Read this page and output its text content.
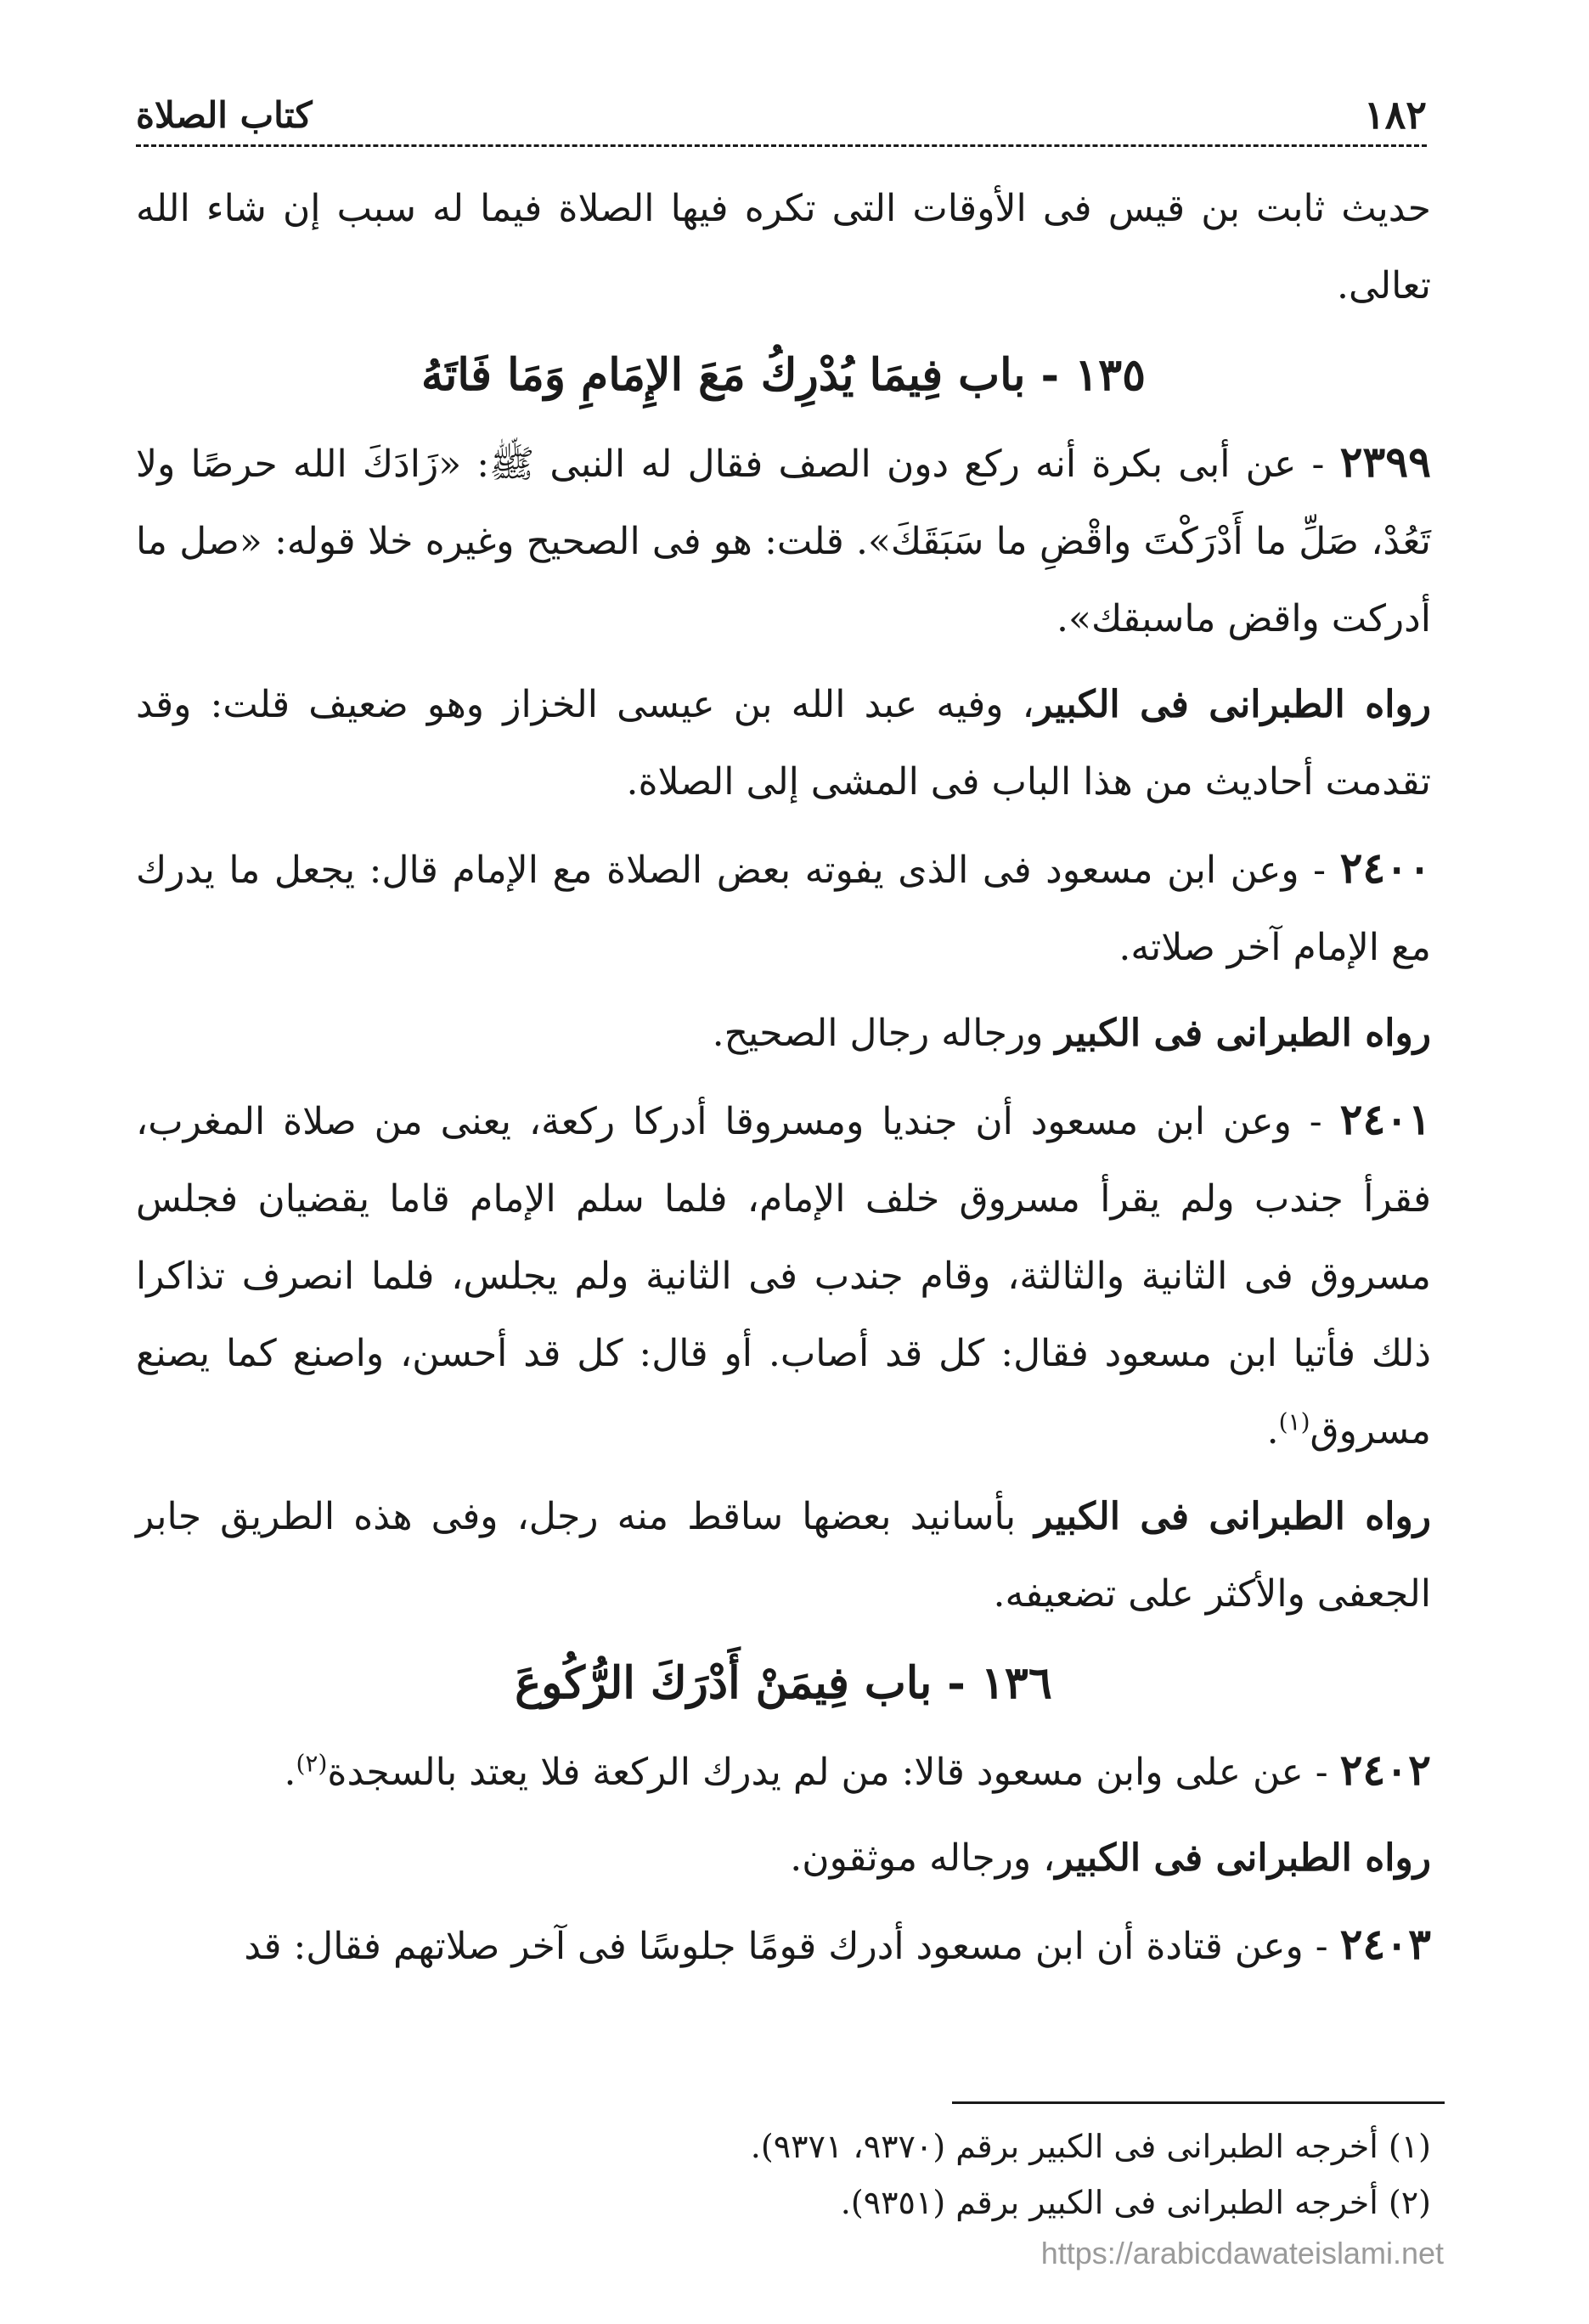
١٨٢
كتاب الصلاة

حديث ثابت بن قيس فى الأوقات التى تكره فيها الصلاة فيما له سبب إن شاء الله تعالى.

١٣٥ - باب فِيمَا يُدْرِكُ مَعَ الإِمَامِ وَمَا فَاتَهُ

٢٣٩٩ - عن أبى بكرة أنه ركع دون الصف فقال له النبى ﷺ: «زَادَكَ الله حرصًا ولا تَعُدْ، صَلِّ ما أَدْرَكْتَ واقْضِ ما سَبَقَكَ». قلت: هو فى الصحيح وغيره خلا قوله: «صل ما أدركت واقض ماسبقك».

رواه الطبرانى فى الكبير، وفيه عبد الله بن عيسى الخزاز وهو ضعيف قلت: وقد تقدمت أحاديث من هذا الباب فى المشى إلى الصلاة.

٢٤٠٠ - وعن ابن مسعود فى الذى يفوته بعض الصلاة مع الإمام قال: يجعل ما يدرك مع الإمام آخر صلاته.

رواه الطبرانى فى الكبير ورجاله رجال الصحيح.

٢٤٠١ - وعن ابن مسعود أن جنديا ومسروقا أدركا ركعة، يعنى من صلاة المغرب، فقرأ جندب ولم يقرأ مسروق خلف الإمام، فلما سلم الإمام قاما يقضيان فجلس مسروق فى الثانية والثالثة، وقام جندب فى الثانية ولم يجلس، فلما انصرف تذاكرا ذلك فأتيا ابن مسعود فقال: كل قد أصاب. أو قال: كل قد أحسن، واصنع كما يصنع مسروق$^{(١)}$.

رواه الطبرانى فى الكبير بأسانيد بعضها ساقط منه رجل، وفى هذه الطريق جابر الجعفى والأكثر على تضعيفه.

١٣٦ - باب فِيمَنْ أَدْرَكَ الرُّكُوعَ

٢٤٠٢ - عن على وابن مسعود قالا: من لم يدرك الركعة فلا يعتد بالسجدة$^{(٢)}$.

رواه الطبرانى فى الكبير، ورجاله موثقون.

٢٤٠٣ - وعن قتادة أن ابن مسعود أدرك قومًا جلوسًا فى آخر صلاتهم فقال: قد

(١) أخرجه الطبرانى فى الكبير برقم (٩٣٧٠، ٩٣٧١).

(٢) أخرجه الطبرانى فى الكبير برقم (٩٣٥١).

https://arabicdawateislami.net
